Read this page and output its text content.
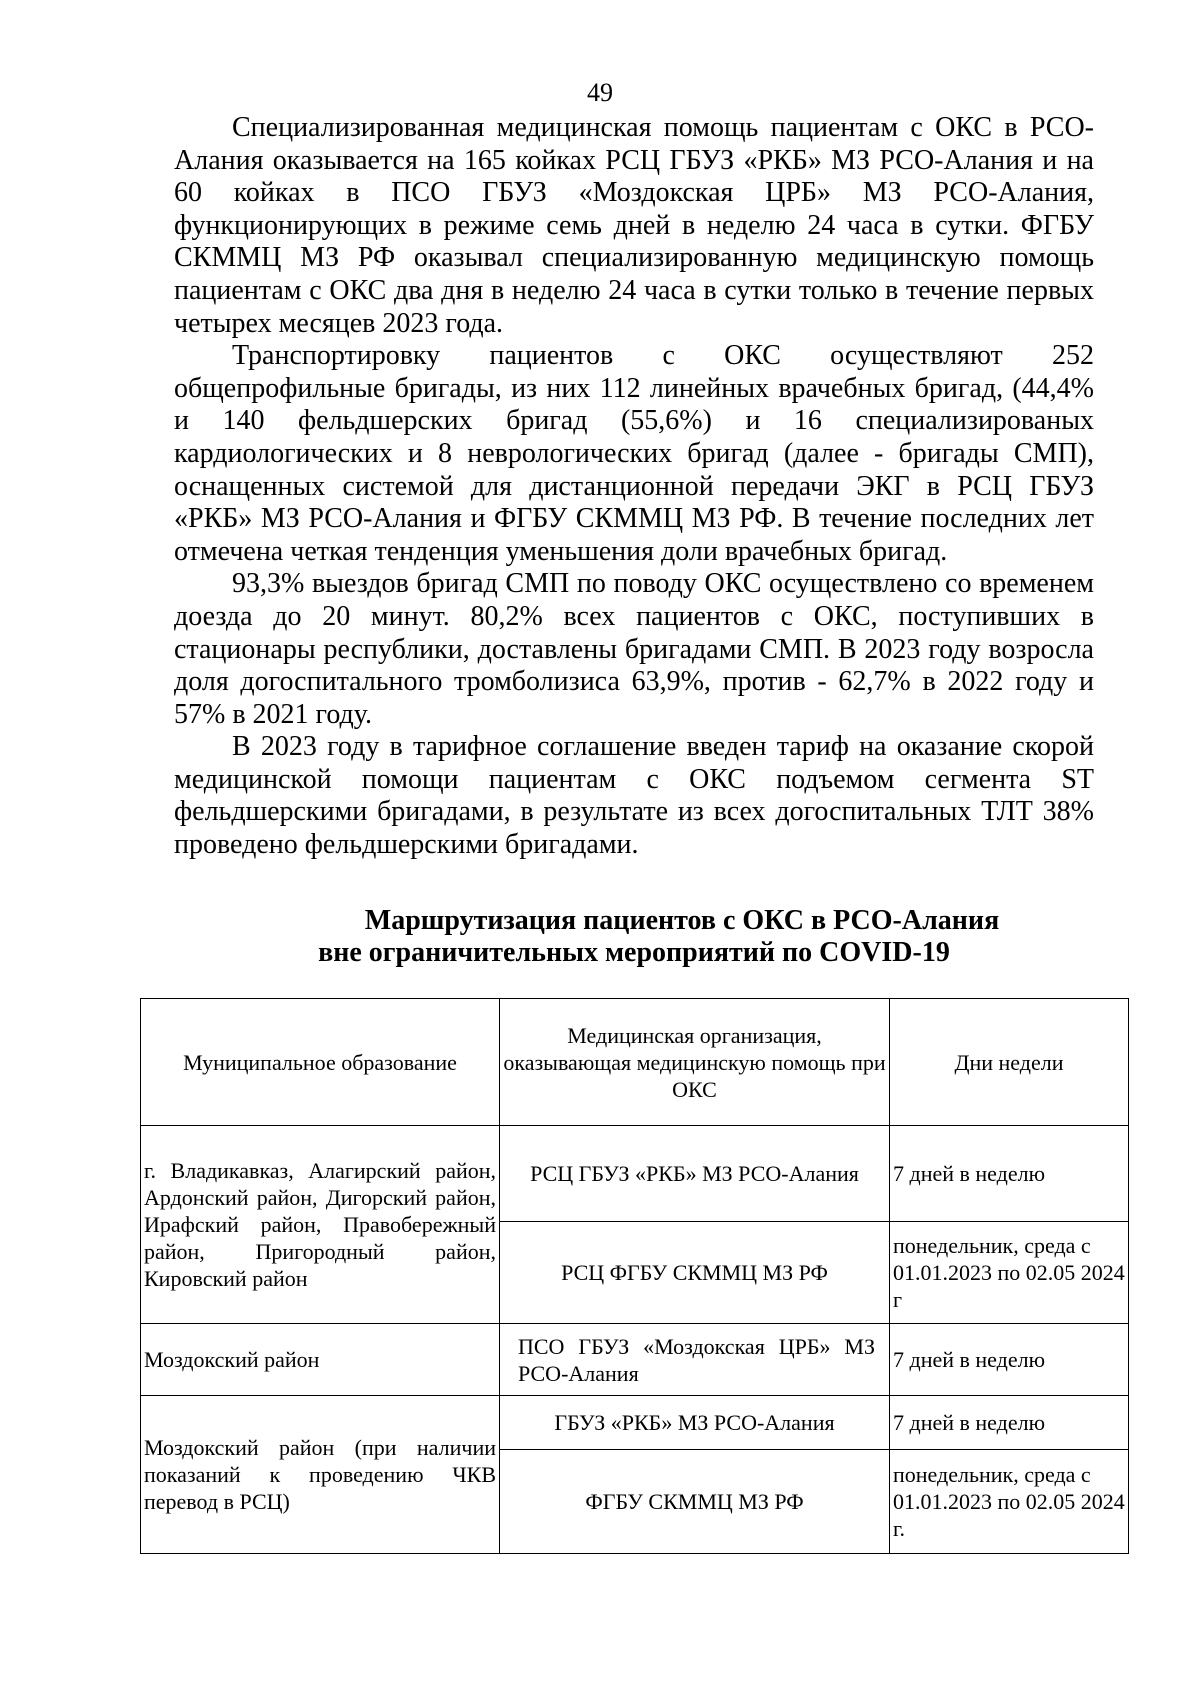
49

Специализированная медицинская помощь пациентам с ОКС в РСО-Алания оказывается на 165 койках РСЦ ГБУЗ «РКБ» МЗ РСО-Алания и на 60 койках в ПСО ГБУЗ «Моздокская ЦРБ» МЗ РСО-Алания, функционирующих в режиме семь дней в неделю 24 часа в сутки. ФГБУ СКММЦ МЗ РФ оказывал специализированную медицинскую помощь пациентам с ОКС два дня в неделю 24 часа в сутки только в течение первых четырех месяцев 2023 года.

Транспортировку пациентов с ОКС осуществляют 252 общепрофильные бригады, из них 112 линейных врачебных бригад, (44,4% и 140 фельдшерских бригад (55,6%) и 16 специализированых кардиологических и 8 неврологических бригад (далее - бригады СМП), оснащенных системой для дистанционной передачи ЭКГ в РСЦ ГБУЗ «РКБ» МЗ РСО-Алания и ФГБУ СКММЦ МЗ РФ. В течение последних лет отмечена четкая тенденция уменьшения доли врачебных бригад.

93,3% выездов бригад СМП по поводу ОКС осуществлено со временем доезда до 20 минут. 80,2% всех пациентов с ОКС, поступивших в стационары республики, доставлены бригадами СМП. В 2023 году возросла доля догоспитального тромболизиса 63,9%, против - 62,7% в 2022 году и 57% в 2021 году.

В 2023 году в тарифное соглашение введен тариф на оказание скорой медицинской помощи пациентам с ОКС подъемом сегмента ST фельдшерскими бригадами, в результате из всех догоспитальных ТЛТ 38% проведено фельдшерскими бригадами.

Маршрутизация пациентов с ОКС в РСО-Алания
вне ограничительных мероприятий по COVID-19
Муниципальное образование	Медицинская организация, оказывающая медицинскую помощь при ОКС	Дни недели
г. Владикавказ, Алагирский район, Ардонский район, Дигорский район, Ирафский район, Правобережный район, Пригородный район, Кировский район	РСЦ ГБУЗ «РКБ» МЗ РСО-Алания	7 дней в неделю
	РСЦ ФГБУ СКММЦ МЗ РФ	понедельник, среда с 01.01.2023 по 02.05 2024 г
Моздокский район	ПСО ГБУЗ «Моздокская ЦРБ» МЗ РСО-Алания	7 дней в неделю
Моздокский район (при наличии показаний к проведению ЧКВ перевод в РСЦ)	ГБУЗ «РКБ» МЗ РСО-Алания	7 дней в неделю
	ФГБУ СКММЦ МЗ РФ	понедельник, среда с 01.01.2023 по 02.05 2024 г.
